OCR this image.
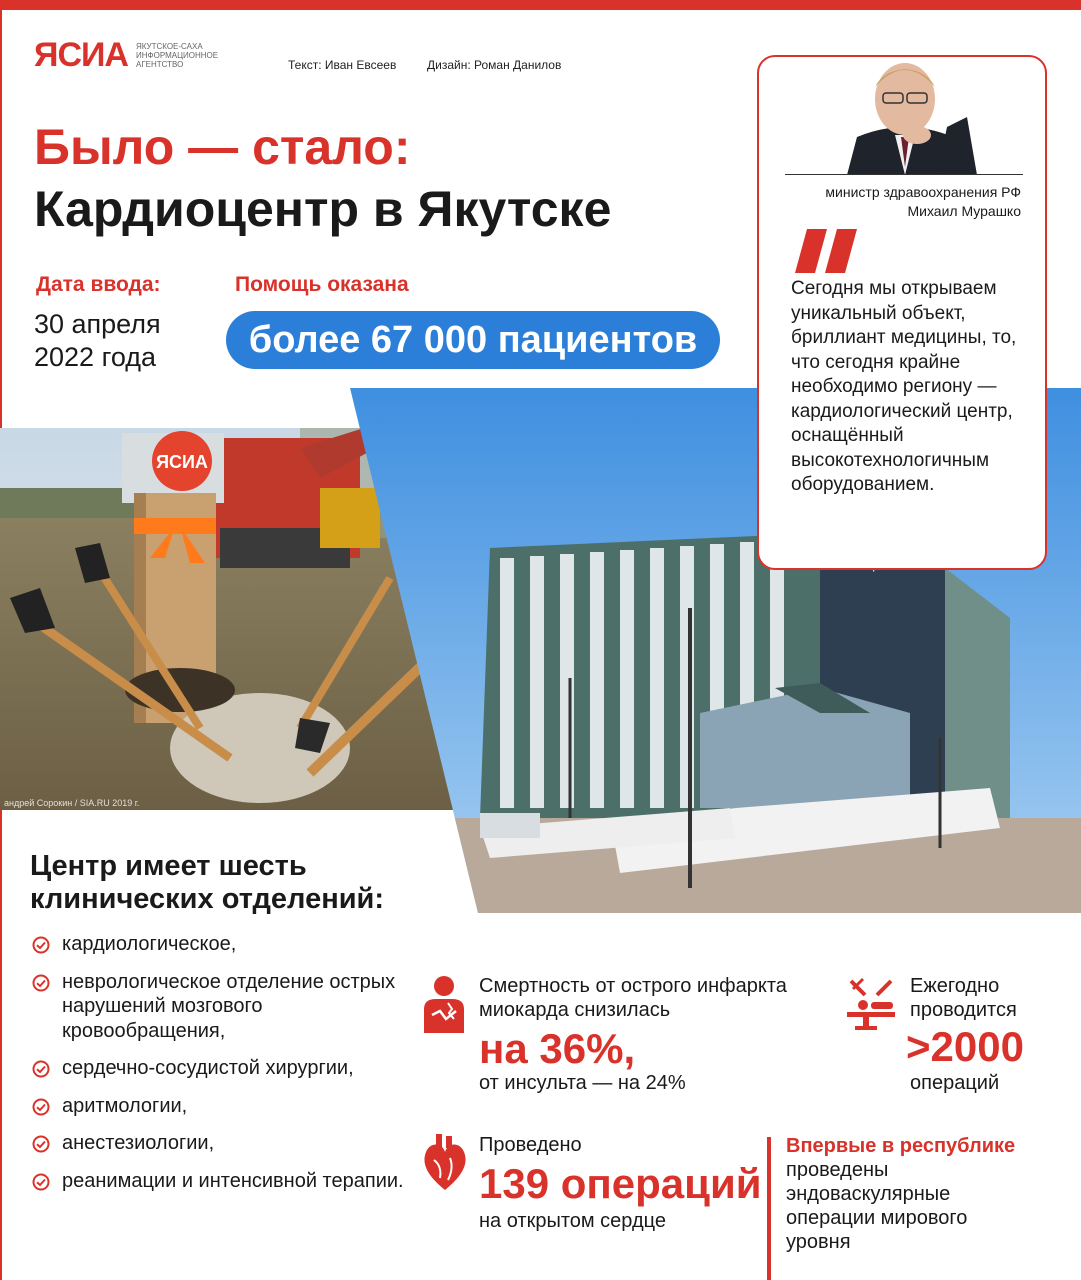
ЯСИА ЯКУТСКОЕ-САХА ИНФОРМАЦИОННОЕ АГЕНТСТВО	Текст: Иван Евсеев	Дизайн: Роман Данилов
Было — стало:
Кардиоцентр в Якутске
Дата ввода:
30 апреля
2022 года
Помощь оказана
более 67 000 пациентов
ЯСИА
андрей Сорокин / SIA.RU 2019 г.
министр здравоохранения РФ
Михаил Мурашко
Сегодня мы открываем уникальный объект, бриллиант медицины, то, что сегодня крайне необходимо региону — кардиологический центр, оснащённый высокотехнологичным оборудованием.
Центр имеет шесть клинических отделений:
кардиологическое,
неврологическое отделение острых нарушений мозгового кровообращения,
сердечно-сосудистой хирургии,
аритмологии,
анестезиологии,
реанимации и интенсивной терапии.
Смертность от острого инфаркта миокарда снизилась
на 36%,
от инсульта — на 24%
Ежегодно проводится
>2000
операций
Проведено
139 операций
на открытом сердце
Впервые в республике
проведены эндоваскулярные операции мирового уровня
